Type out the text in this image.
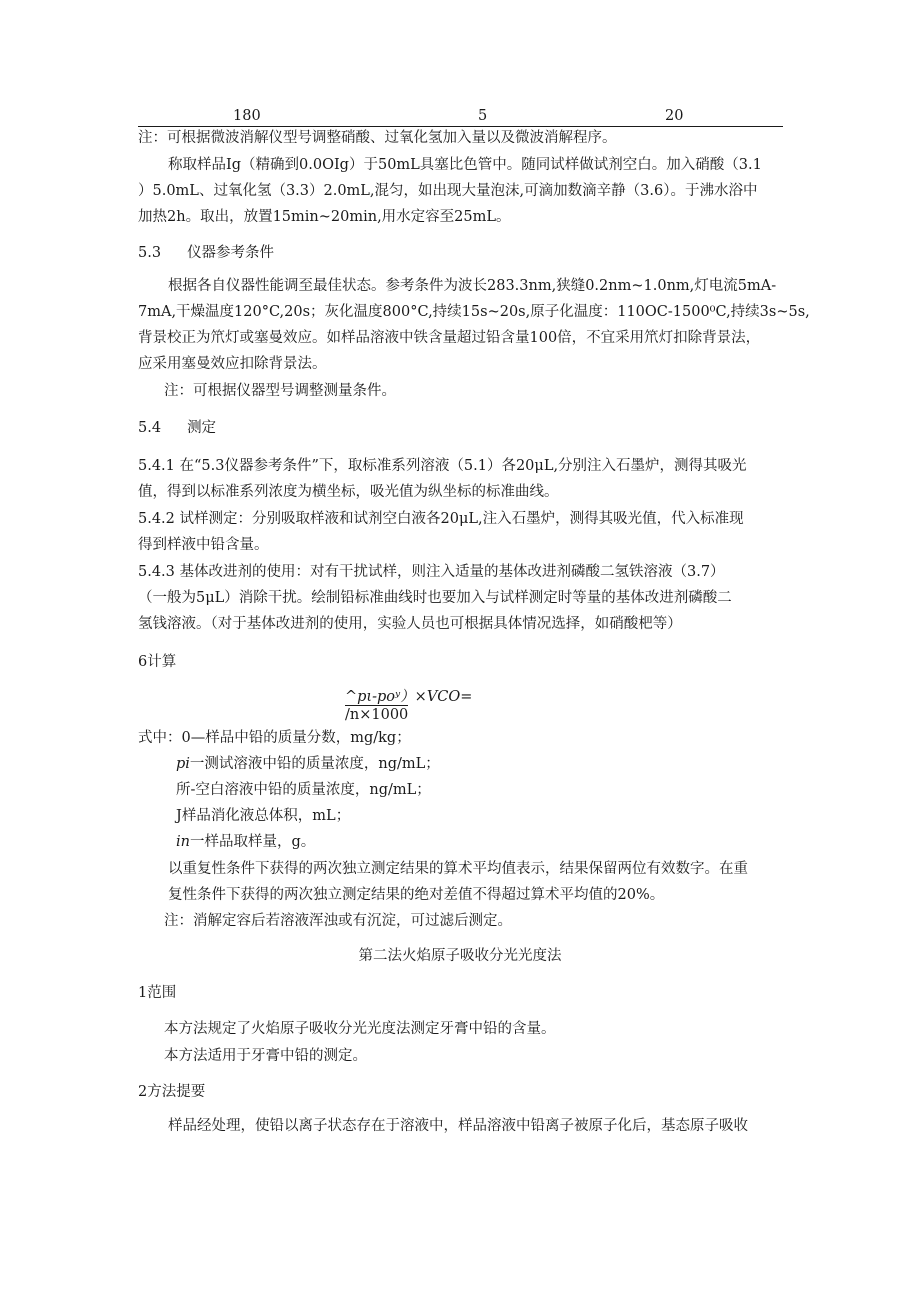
180	5	20
注：可根据微波消解仪型号调整硝酸、过氧化氢加入量以及微波消解程序。
称取样品Ig（精确到0.0OIg）于50mL具塞比色管中。随同试样做试剂空白。加入硝酸（3.1
）5.0mL、过氧化氢（3.3）2.0mL,混匀，如出现大量泡沫,可滴加数滴辛静（3.6）。于沸水浴中
加热2h。取出，放置15min~20min,用水定容至25mL。
5.3 仪器参考条件
根据各自仪器性能调至最佳状态。参考条件为波长283.3nm,狭缝0.2nm~1.0nm,灯电流5mA-
7mA,干燥温度120°C,20s；灰化温度800°C,持续15s~20s,原子化温度：110OC-1500⁰C,持续3s~5s,
背景校正为笊灯或塞曼效应。如样品溶液中铁含量超过铅含量100倍，不宜采用笊灯扣除背景法，
应采用塞曼效应扣除背景法。
注：可根据仪器型号调整测量条件。
5.4 测定
5.4.1 在“5.3仪器参考条件”下，取标准系列溶液（5.1）各20μL,分别注入石墨炉，测得其吸光
值，得到以标准系列浓度为横坐标，吸光值为纵坐标的标准曲线。
5.4.2 试样测定：分别吸取样液和试剂空白液各20μL,注入石墨炉，测得其吸光值，代入标准现
得到样液中铅含量。
5.4.3 基体改进剂的使用：对有干扰试样，则注入适量的基体改进剂磷酸二氢铁溶液（3.7）
（一般为5μL）消除干扰。绘制铅标准曲线时也要加入与试样测定时等量的基体改进剂磷酸二
氢钱溶液。（对于基体改进剂的使用，实验人员也可根据具体情况选择，如硝酸杷等）
6计算
^pι-poʸ）×VCO=
/n×1000
式中：0—样品中铅的质量分数，mg/kg；
pi一测试溶液中铅的质量浓度，ng/mL；
所-空白溶液中铅的质量浓度，ng/mL；
J样品消化液总体积，mL；
in一样品取样量，g。
以重复性条件下获得的两次独立测定结果的算术平均值表示，结果保留两位有效数字。在重
复性条件下获得的两次独立测定结果的绝对差值不得超过算术平均值的20%。
注：消解定容后若溶液浑浊或有沉淀，可过滤后测定。
第二法火焰原子吸收分光光度法
1范围
本方法规定了火焰原子吸收分光光度法测定牙膏中铅的含量。
本方法适用于牙膏中铅的测定。
2方法提要
样品经处理，使铅以离子状态存在于溶液中，样品溶液中铅离子被原子化后，基态原子吸收
